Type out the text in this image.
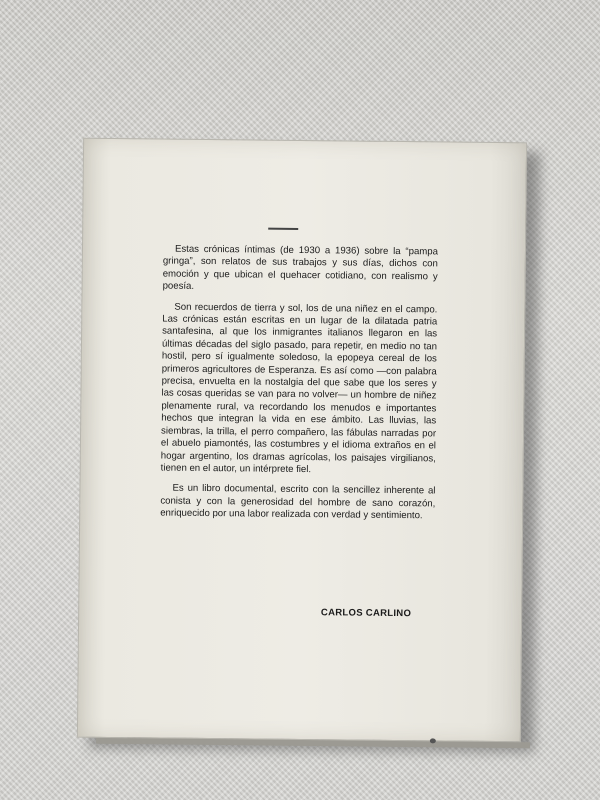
Estas crónicas íntimas (de 1930 a 1936) sobre la “pampa gringa”, son relatos de sus trabajos y sus días, dichos con emoción y que ubican el quehacer cotidiano, con realismo y poesía.

Son recuerdos de tierra y sol, los de una niñez en el campo. Las crónicas están escritas en un lugar de la dilatada patria santafesina, al que los inmigrantes italianos llegaron en las últimas décadas del siglo pasado, para repetir, en medio no tan hostil, pero sí igualmente soledoso, la epopeya cereal de los primeros agricultores de Esperanza. Es así como —con palabra precisa, envuelta en la nostalgia del que sabe que los seres y las cosas queridas se van para no volver— un hombre de niñez plenamente rural, va recordando los menudos e importantes hechos que integran la vida en ese ámbito. Las lluvias, las siembras, la trilla, el perro compañero, las fábulas narradas por el abuelo piamontés, las costumbres y el idioma extraños en el hogar argentino, los dramas agrícolas, los paisajes virgilianos, tienen en el autor, un intérprete fiel.

Es un libro documental, escrito con la sencillez inherente al conista y con la generosidad del hombre de sano corazón, enriquecido por una labor realizada con verdad y sentimiento.

CARLOS CARLINO
